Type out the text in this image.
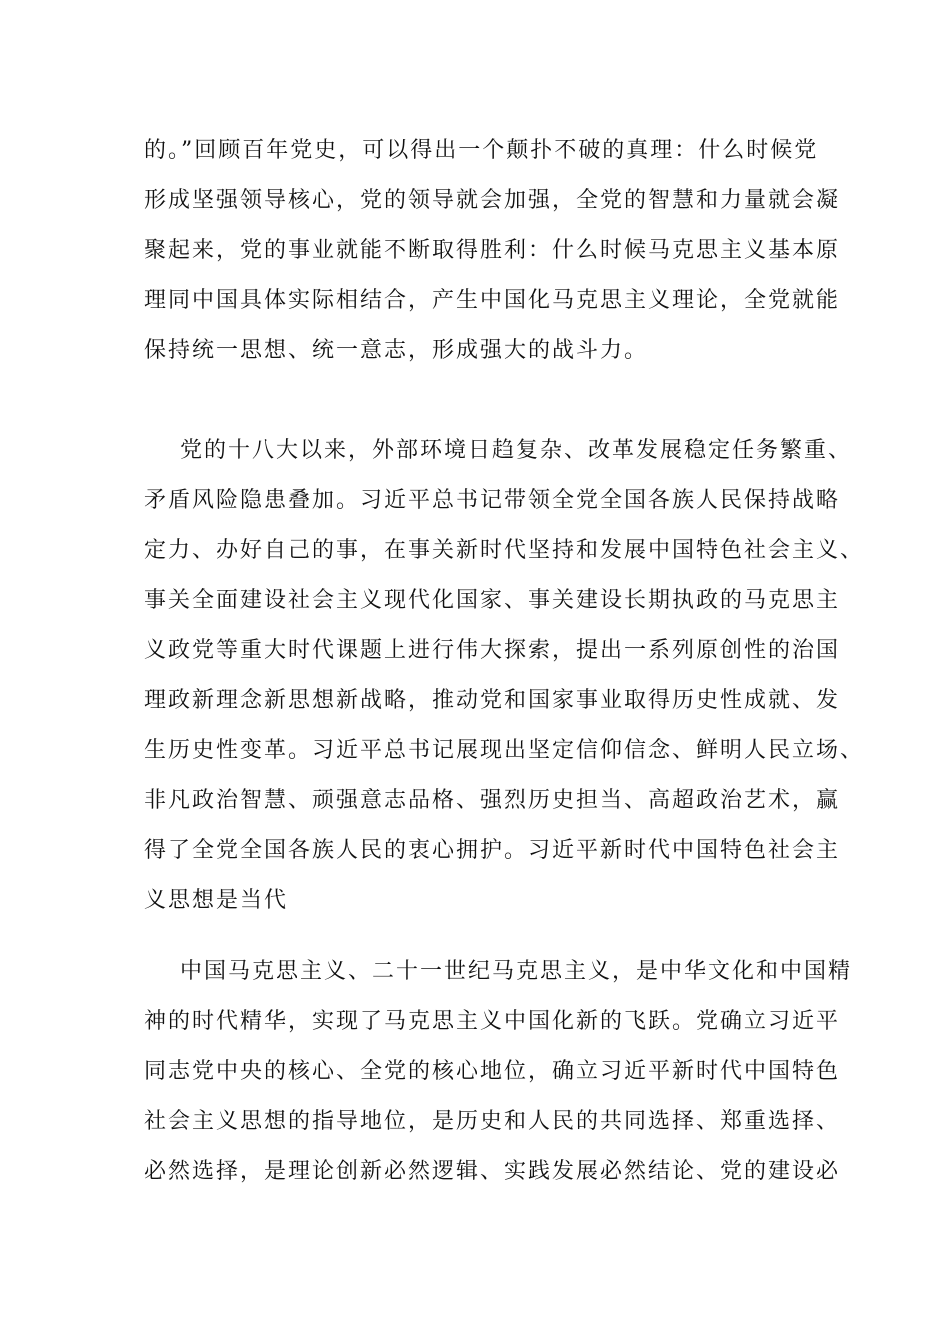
的。”回顾百年党史，可以得出一个颠扑不破的真理：什么时候党
形成坚强领导核心，党的领导就会加强，全党的智慧和力量就会凝
聚起来，党的事业就能不断取得胜利：什么时候马克思主义基本原
理同中国具体实际相结合，产生中国化马克思主义理论，全党就能
保持统一思想、统一意志，形成强大的战斗力。
党的十八大以来，外部环境日趋复杂、改革发展稳定任务繁重、
矛盾风险隐患叠加。习近平总书记带领全党全国各族人民保持战略
定力、办好自己的事，在事关新时代坚持和发展中国特色社会主义、
事关全面建设社会主义现代化国家、事关建设长期执政的马克思主
义政党等重大时代课题上进行伟大探索，提出一系列原创性的治国
理政新理念新思想新战略，推动党和国家事业取得历史性成就、发
生历史性变革。习近平总书记展现出坚定信仰信念、鲜明人民立场、
非凡政治智慧、顽强意志品格、强烈历史担当、高超政治艺术，赢
得了全党全国各族人民的衷心拥护。习近平新时代中国特色社会主
义思想是当代
中国马克思主义、二十一世纪马克思主义，是中华文化和中国精
神的时代精华，实现了马克思主义中国化新的飞跃。党确立习近平
同志党中央的核心、全党的核心地位，确立习近平新时代中国特色
社会主义思想的指导地位，是历史和人民的共同选择、郑重选择、
必然选择，是理论创新必然逻辑、实践发展必然结论、党的建设必
